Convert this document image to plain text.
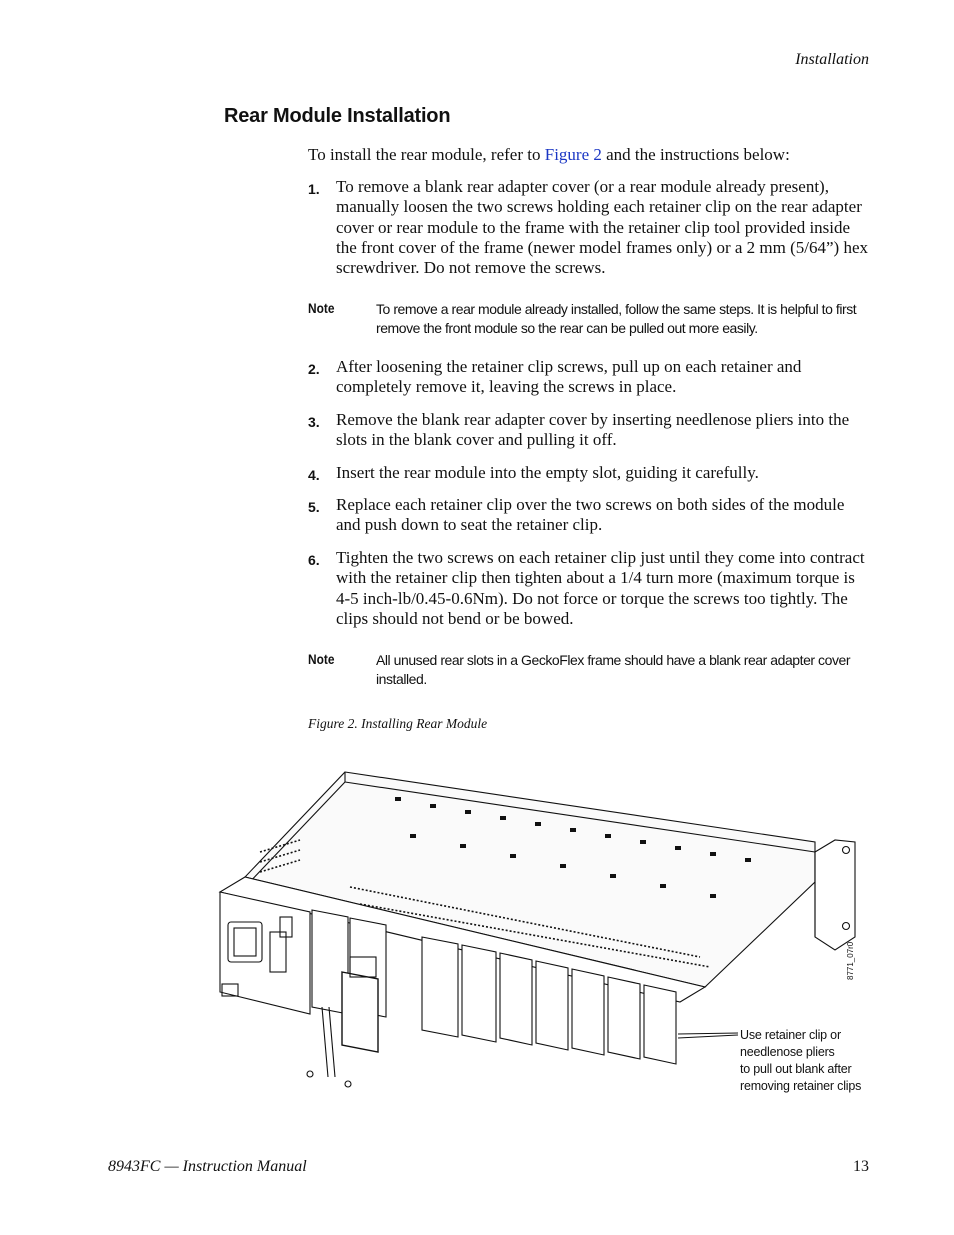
Installation
Rear Module Installation
To install the rear module, refer to Figure 2 and the instructions below:
1. To remove a blank rear adapter cover (or a rear module already present), manually loosen the two screws holding each retainer clip on the rear adapter cover or rear module to the frame with the retainer clip tool provided inside the front cover of the frame (newer model frames only) or a 2 mm (5/64”) hex screwdriver. Do not remove the screws.
Note	To remove a rear module already installed, follow the same steps. It is helpful to first remove the front module so the rear can be pulled out more easily.
2. After loosening the retainer clip screws, pull up on each retainer and completely remove it, leaving the screws in place.
3. Remove the blank rear adapter cover by inserting needlenose pliers into the slots in the blank cover and pulling it off.
4. Insert the rear module into the empty slot, guiding it carefully.
5. Replace each retainer clip over the two screws on both sides of the module and push down to seat the retainer clip.
6. Tighten the two screws on each retainer clip just until they come into contract with the retainer clip then tighten about a 1/4 turn more (maximum torque is 4-5 inch-lb/0.45-0.6Nm). Do not force or torque the screws too tightly. The clips should not bend or be bowed.
Note	All unused rear slots in a GeckoFlex frame should have a blank rear adapter cover installed.
Figure 2. Installing Rear Module
8771_07r0
Use retainer clip or
needlenose pliers
to pull out blank after
removing retainer clips
8943FC — Instruction Manual	13
